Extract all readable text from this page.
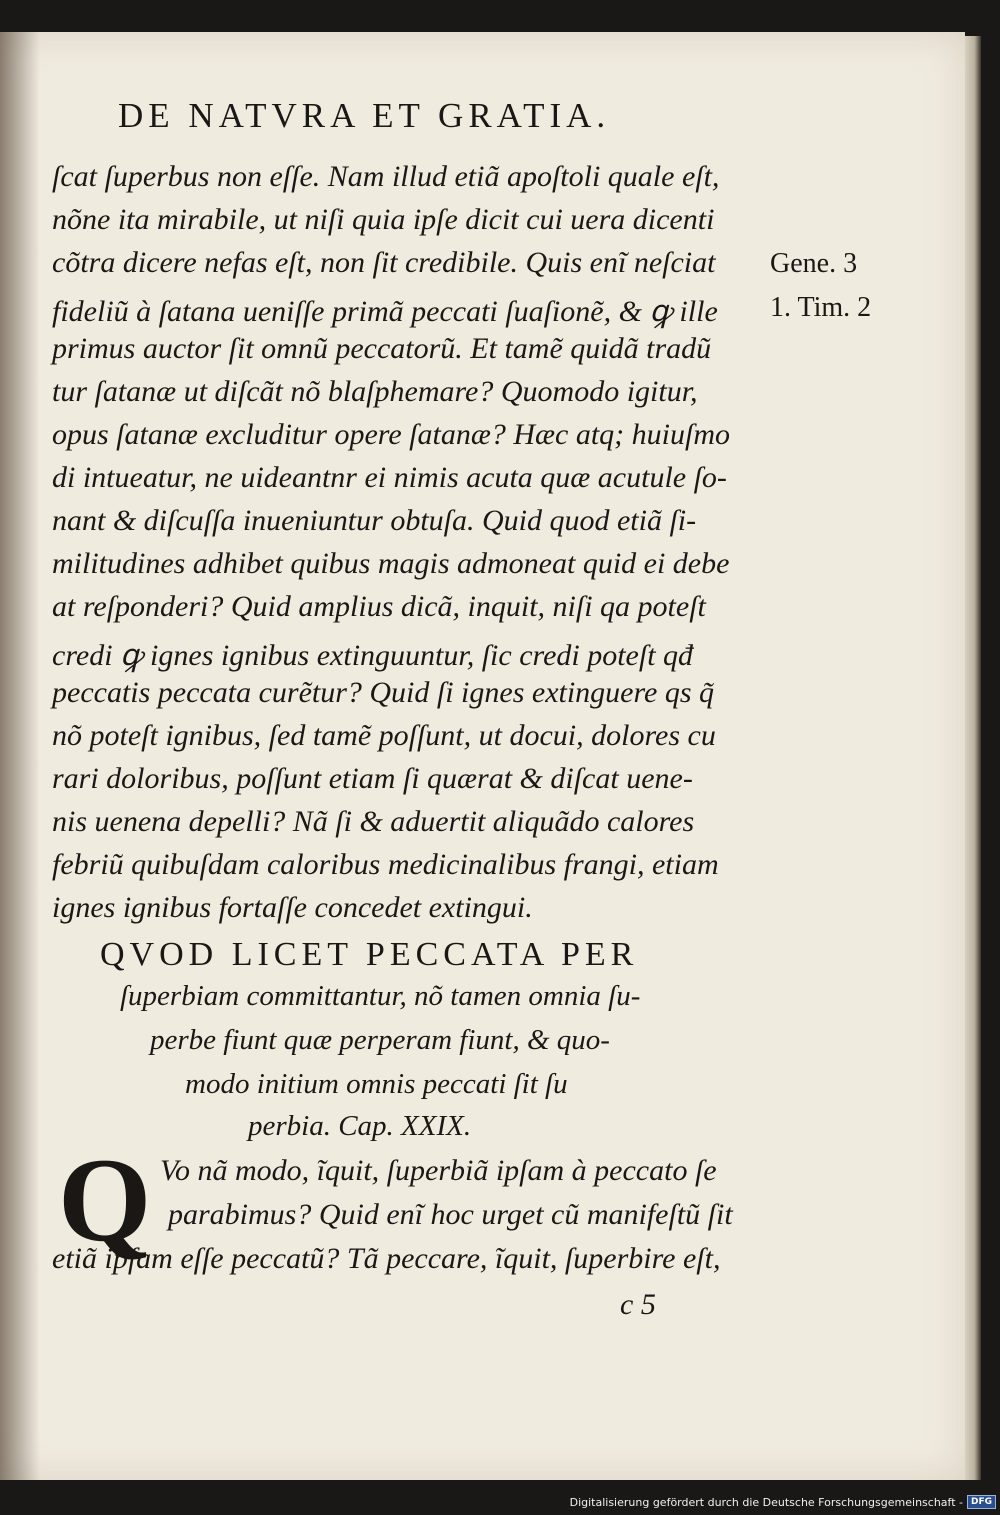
DE NATVRA ET GRATIA.
ſcat ſuperbus non eſſe. Nam illud etiã apoſtoli quale eſt,
nõne ita mirabile, ut niſi quia ipſe dicit cui uera dicenti
cõtra dicere nefas eſt, non ſit credibile. Quis enĩ neſciat
fideliũ à ſatana ueniſſe primã peccati ſuaſionẽ, & ꝙ ille
primus auctor ſit omnũ peccatorũ. Et tamẽ quidã tradũ
tur ſatanæ ut diſcãt nõ blaſphemare? Quomodo igitur,
opus ſatanæ excluditur opere ſatanæ? Hæc atq; huiuſmo
di intueatur, ne uideantnr ei nimis acuta quæ acutule ſo-
nant & diſcuſſa inueniuntur obtuſa. Quid quod etiã ſi-
militudines adhibet quibus magis admoneat quid ei debe
at reſponderi? Quid amplius dicã, inquit, niſi qa poteſt
credi ꝙ ignes ignibus extinguuntur, ſic credi poteſt qđ
peccatis peccata curẽtur? Quid ſi ignes extinguere qs q̃
nõ poteſt ignibus, ſed tamẽ poſſunt, ut docui, dolores cu
rari doloribus, poſſunt etiam ſi quærat & diſcat uene-
nis uenena depelli? Nã ſi & aduertit aliquãdo calores
febriũ quibuſdam caloribus medicinalibus frangi, etiam
ignes ignibus fortaſſe concedet extingui.
Gene. 3
1. Tim. 2
QVOD LICET PECCATA PER
ſuperbiam committantur, nõ tamen omnia ſu-
perbe fiunt quæ perperam fiunt, & quo-
modo initium omnis peccati ſit ſu
perbia. Cap. XXIX.
Q Vo nã modo, ĩquit, ſuperbiã ipſam à peccato ſe
parabimus? Quid enĩ hoc urget cũ manifeſtũ ſit
etiã ipſam eſſe peccatũ? Tã peccare, ĩquit, ſuperbire eſt,
c 5
Digitalisierung gefördert durch die Deutsche Forschungsgemeinschaft - DFG
